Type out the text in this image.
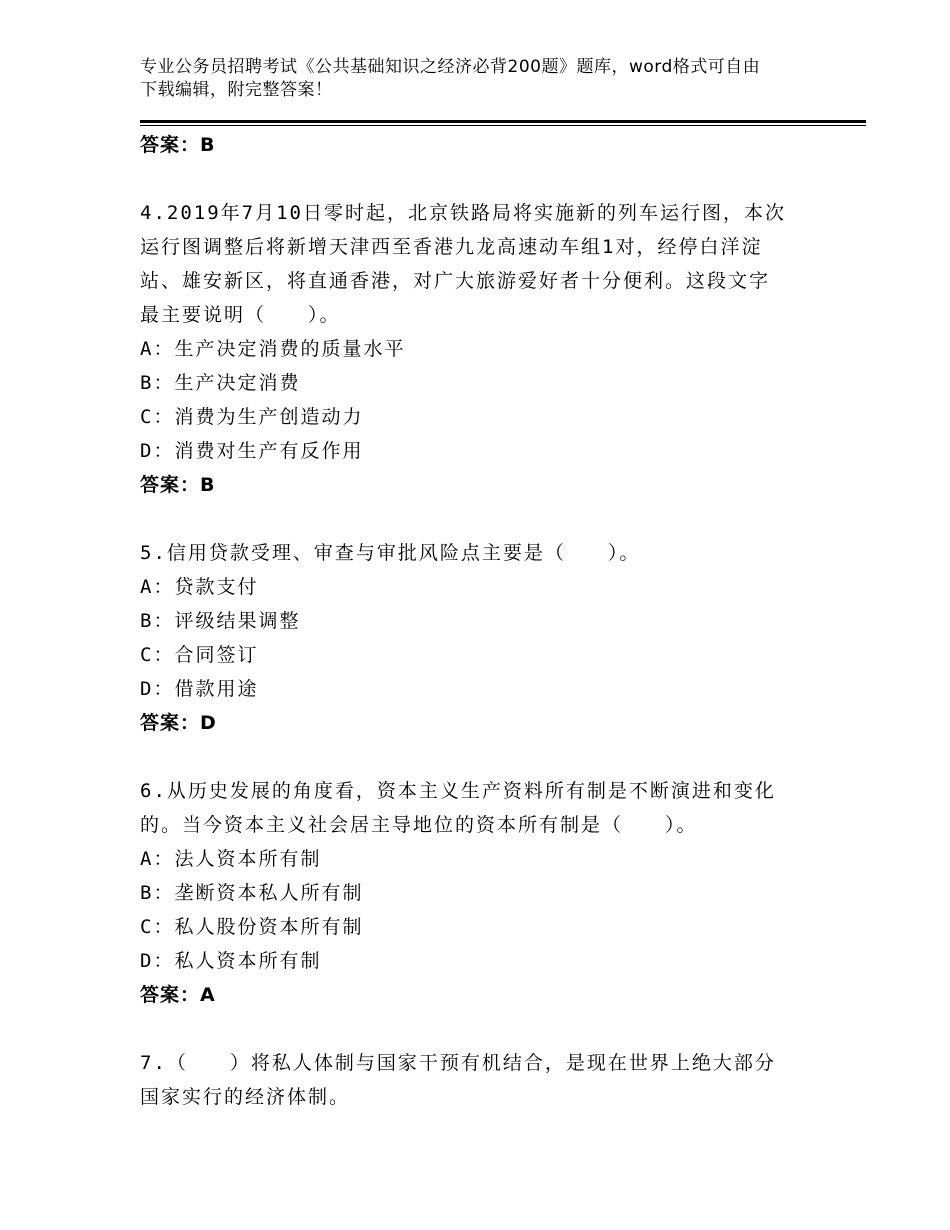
专业公务员招聘考试《公共基础知识之经济必背200题》题库，word格式可自由
下载编辑，附完整答案！
答案：B
4.2019年7月10日零时起，北京铁路局将实施新的列车运行图，本次
运行图调整后将新增天津西至香港九龙高速动车组1对，经停白洋淀
站、雄安新区，将直通香港，对广大旅游爱好者十分便利。这段文字
最主要说明（　　）。
A：生产决定消费的质量水平
B：生产决定消费
C：消费为生产创造动力
D：消费对生产有反作用
答案：B
5.信用贷款受理、审查与审批风险点主要是（　　）。
A：贷款支付
B：评级结果调整
C：合同签订
D：借款用途
答案：D
6.从历史发展的角度看，资本主义生产资料所有制是不断演进和变化
的。当今资本主义社会居主导地位的资本所有制是（　　）。
A：法人资本所有制
B：垄断资本私人所有制
C：私人股份资本所有制
D：私人资本所有制
答案：A
7.（　　）将私人体制与国家干预有机结合，是现在世界上绝大部分
国家实行的经济体制。
